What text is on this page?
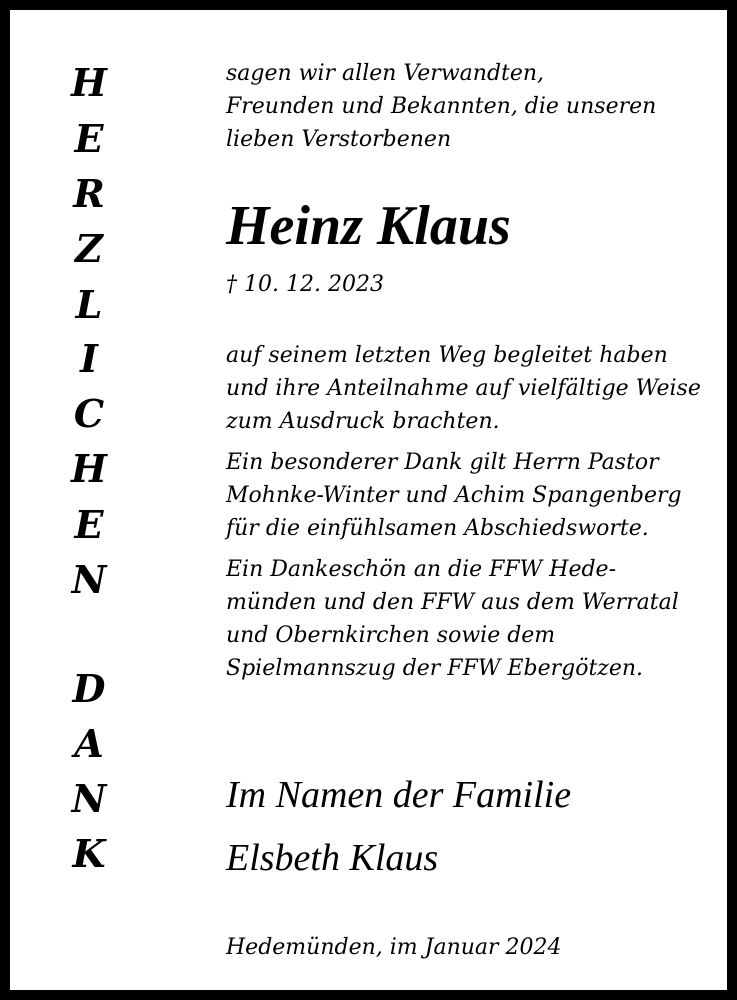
H
E
R
Z
L
I
C
H
E
N
D
A
N
K
sagen wir allen Verwandten,
Freunden und Bekannten, die unseren
lieben Verstorbenen
Heinz Klaus
† 10. 12. 2023
auf seinem letzten Weg begleitet haben
und ihre Anteilnahme auf vielfältige Weise
zum Ausdruck brachten.
Ein besonderer Dank gilt Herrn Pastor
Mohnke-Winter und Achim Spangenberg
für die einfühlsamen Abschiedsworte.
Ein Dankeschön an die FFW Hede-
münden und den FFW aus dem Werratal
und Obernkirchen sowie dem
Spielmannszug der FFW Ebergötzen.
Im Namen der Familie
Elsbeth Klaus
Hedemünden, im Januar 2024
